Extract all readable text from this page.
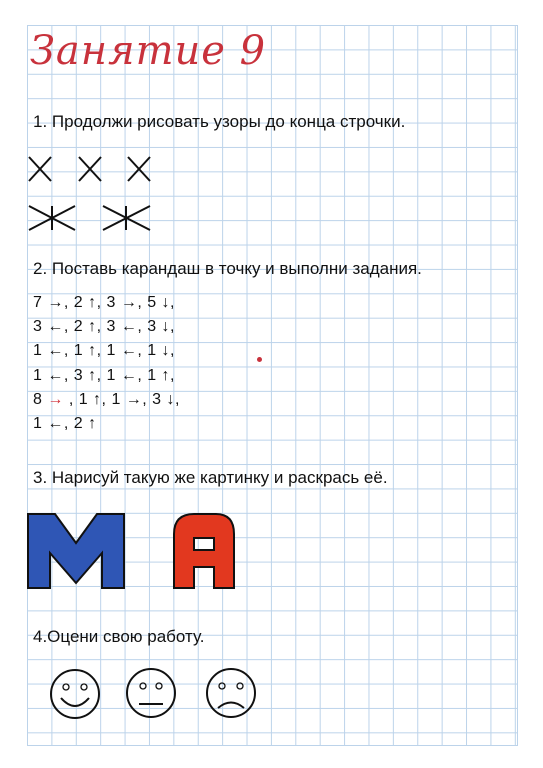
Занятие 9
1. Продолжи рисовать узоры до конца строчки.
2. Поставь карандаш в точку и выполни задания.
7 →, 2 ↑, 3 →, 5 ↓,
3 ←, 2 ↑, 3 ←, 3 ↓,
1 ←, 1 ↑, 1 ←, 1 ↓,
1 ←, 3 ↑, 1 ←, 1 ↑,
8 → , 1 ↑, 1 →, 3 ↓,
1 ←, 2 ↑
3. Нарисуй такую же картинку и раскрась её.
4.Оцени свою работу.
